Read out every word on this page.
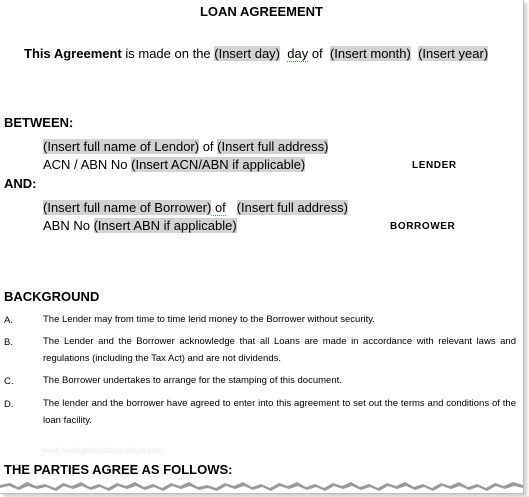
LOAN AGREEMENT
This Agreement is made on the (Insert day) day of  (Insert month) (Insert year)
BETWEEN:
(Insert full name of Lendor) of (Insert full address)
ACN / ABN No (Insert ACN/ABN if applicable)	LENDER
AND:
(Insert full name of Borrower) of (Insert full address)
ABN No (Insert ABN if applicable)	BORROWER
BACKGROUND
A.	The Lender may from time to time lend money to the Borrower without security.
B.	The Lender and the Borrower acknowledge that all Loans are made in accordance with relevant laws and regulations (including the Tax Act) and are not dividends.
C.	The Borrower undertakes to arrange for the stamping of this document.
D.	The lender and the borrower have agreed to enter into this agreement to set out the terms and conditions of the loan facility.
www.heritagechristiancollege.com
THE PARTIES AGREE AS FOLLOWS:
